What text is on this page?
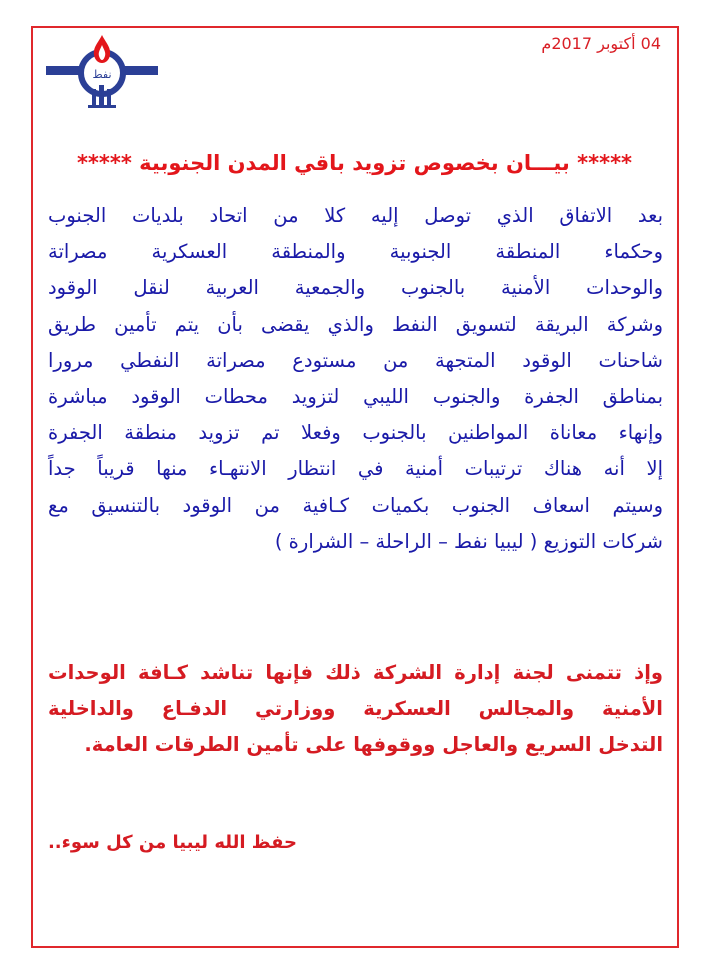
نفط
04 أكتوبر 2017م
***** بيـــان بخصوص تزويد باقي المدن الجنوبية *****
بعد الاتفاق الذي توصل إليه كلا من اتحاد بلديات الجنوب
وحكماء المنطقة الجنوبية والمنطقة العسكرية مصراتة
والوحدات الأمنية بالجنوب والجمعية العربية لنقل الوقود
وشركة البريقة لتسويق النفط والذي يقضى بأن يتم تأمين طريق
شاحنات الوقود المتجهة من مستودع مصراتة النفطي مرورا
بمناطق الجفرة والجنوب الليبي لتزويد محطات الوقود مباشرة
وإنهاء معاناة المواطنين بالجنوب وفعلا تم تزويد منطقة الجفرة
إلا أنه هناك ترتيبات أمنية في انتظار الانتهـاء منها قريباً جداً
وسيتم اسعاف الجنوب بكميات كـافية من الوقود بالتنسيق مع
شركات التوزيع ( ليبيا نفط – الراحلة – الشرارة )
وإذ تتمنى لجنة إدارة الشركة ذلك فإنها تناشد كـافة الوحدات
الأمنية والمجالس العسكرية ووزارتي الدفـاع والداخلية
التدخل السريع والعاجل ووقوفها على تأمين الطرقات العامة.
حفظ الله ليبيا من كل سوء..
